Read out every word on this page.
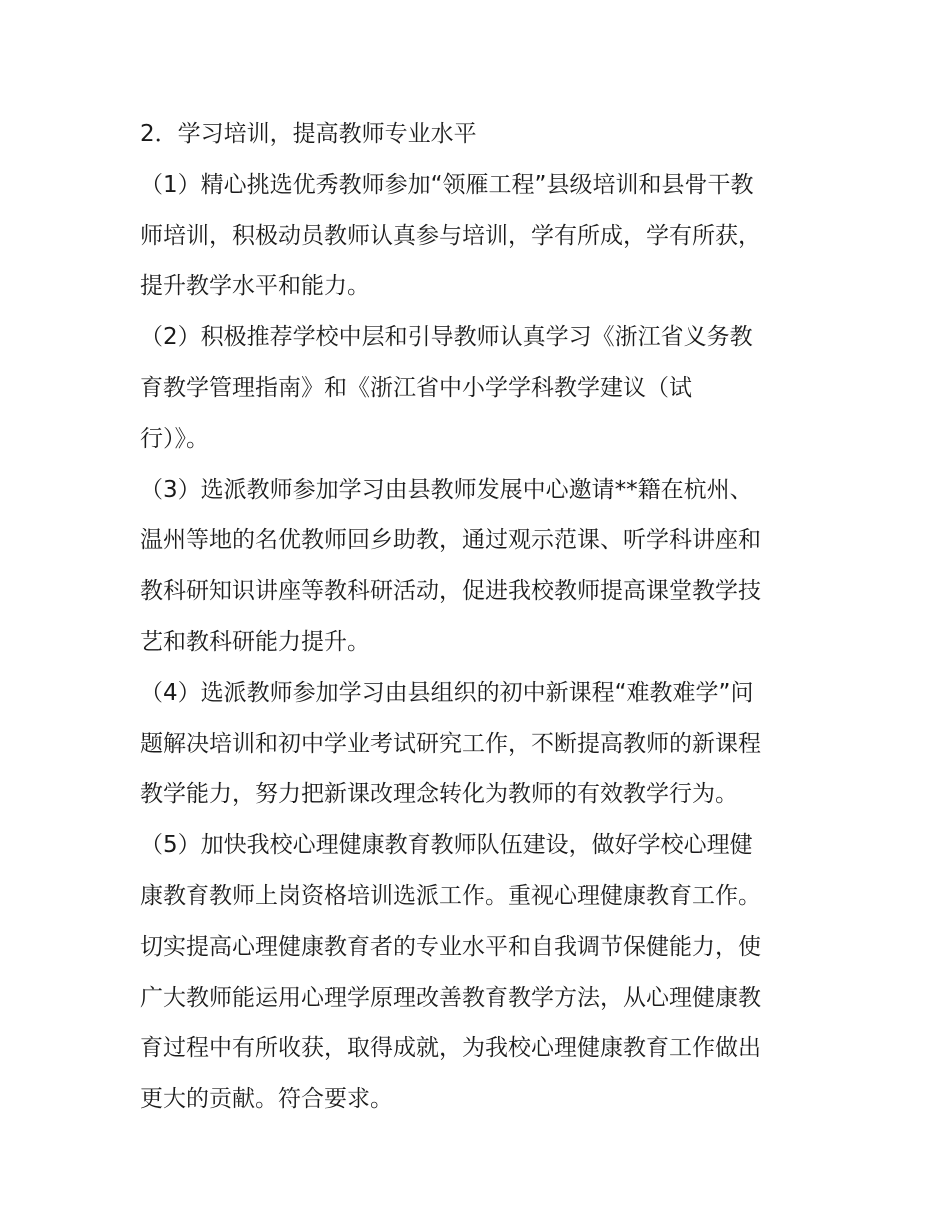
2．学习培训，提高教师专业水平
（1）精心挑选优秀教师参加“领雁工程”县级培训和县骨干教
师培训，积极动员教师认真参与培训，学有所成，学有所获，
提升教学水平和能力。
（2）积极推荐学校中层和引导教师认真学习《浙江省义务教
育教学管理指南》和《浙江省中小学学科教学建议（试
行）》。
（3）选派教师参加学习由县教师发展中心邀请**籍在杭州、
温州等地的名优教师回乡助教，通过观示范课、听学科讲座和
教科研知识讲座等教科研活动，促进我校教师提高课堂教学技
艺和教科研能力提升。
（4）选派教师参加学习由县组织的初中新课程“难教难学”问
题解决培训和初中学业考试研究工作，不断提高教师的新课程
教学能力，努力把新课改理念转化为教师的有效教学行为。
（5）加快我校心理健康教育教师队伍建设，做好学校心理健
康教育教师上岗资格培训选派工作。重视心理健康教育工作。
切实提高心理健康教育者的专业水平和自我调节保健能力，使
广大教师能运用心理学原理改善教育教学方法，从心理健康教
育过程中有所收获，取得成就，为我校心理健康教育工作做出
更大的贡献。符合要求。
